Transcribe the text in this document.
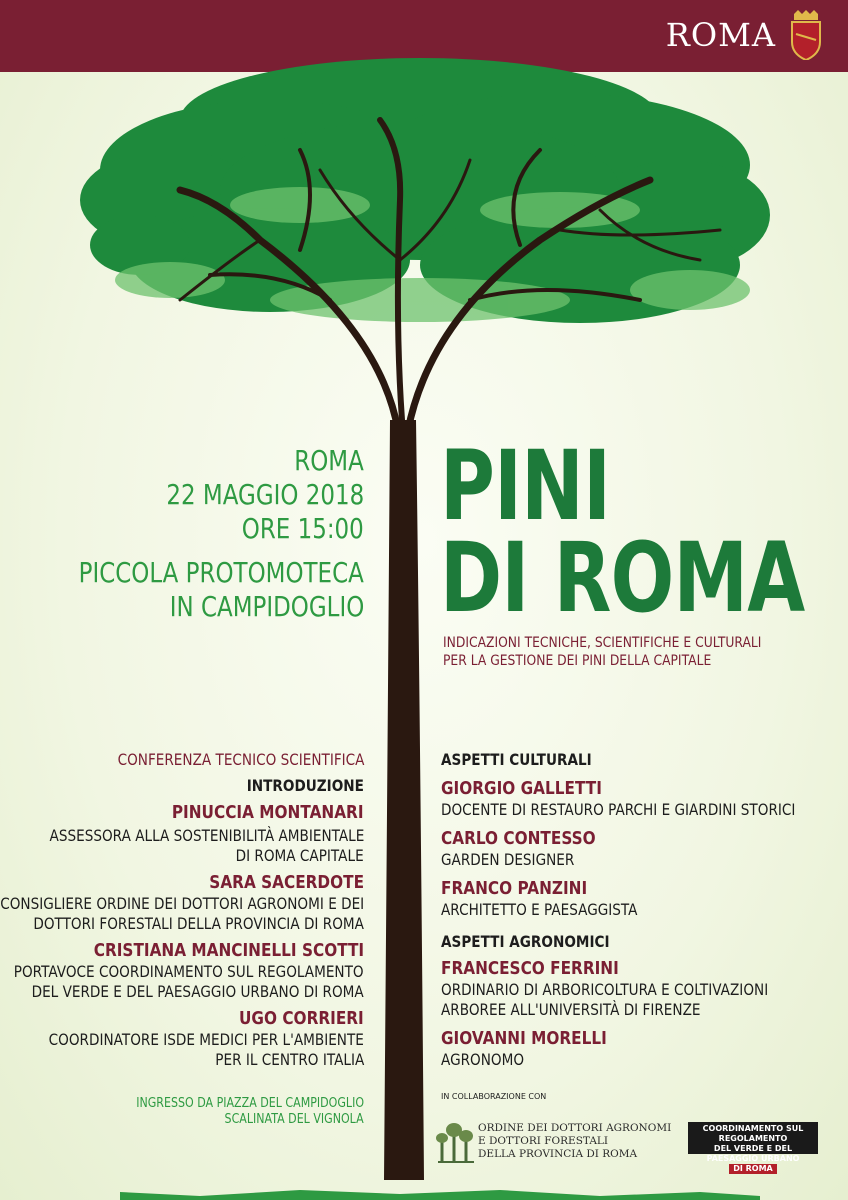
ROMA
ROMA
22 MAGGIO 2018
ORE 15:00
PICCOLA PROTOMOTECA
IN CAMPIDOGLIO
PINI
DI ROMA
INDICAZIONI TECNICHE, SCIENTIFICHE E CULTURALI
PER LA GESTIONE DEI PINI DELLA CAPITALE
CONFERENZA TECNICO SCIENTIFICA
INTRODUZIONE
PINUCCIA MONTANARI
ASSESSORA ALLA SOSTENIBILITÀ AMBIENTALE
DI ROMA CAPITALE
SARA SACERDOTE
CONSIGLIERE ORDINE DEI DOTTORI AGRONOMI E DEI
DOTTORI FORESTALI DELLA PROVINCIA DI ROMA
CRISTIANA MANCINELLI SCOTTI
PORTAVOCE COORDINAMENTO SUL REGOLAMENTO
DEL VERDE E DEL PAESAGGIO URBANO DI ROMA
UGO CORRIERI
COORDINATORE ISDE MEDICI PER L'AMBIENTE
PER IL CENTRO ITALIA
INGRESSO DA PIAZZA DEL CAMPIDOGLIO
SCALINATA DEL VIGNOLA
ASPETTI CULTURALI
GIORGIO GALLETTI
DOCENTE DI RESTAURO PARCHI E GIARDINI STORICI
CARLO CONTESSO
GARDEN DESIGNER
FRANCO PANZINI
ARCHITETTO E PAESAGGISTA
ASPETTI AGRONOMICI
FRANCESCO FERRINI
ORDINARIO DI ARBORICOLTURA E COLTIVAZIONI
ARBOREE ALL'UNIVERSITÀ DI FIRENZE
GIOVANNI MORELLI
AGRONOMO
IN COLLABORAZIONE CON
ORDINE DEI DOTTORI AGRONOMI
E DOTTORI FORESTALI
DELLA PROVINCIA DI ROMA
COORDINAMENTO SUL REGOLAMENTO
DEL VERDE E DEL PAESAGGIO URBANO
DI ROMA
